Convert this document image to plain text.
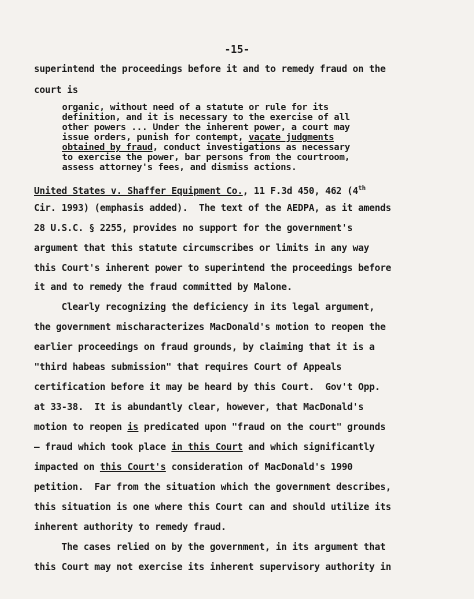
-15-
superintend the proceedings before it and to remedy fraud on the
court is
organic, without need of a statute or rule for its
definition, and it is necessary to the exercise of all
other powers ... Under the inherent power, a court may
issue orders, punish for contempt, vacate judgments
obtained by fraud, conduct investigations as necessary
to exercise the power, bar persons from the courtroom,
assess attorney's fees, and dismiss actions.
United States v. Shaffer Equipment Co., 11 F.3d 450, 462 (4th
Cir. 1993) (emphasis added).  The text of the AEDPA, as it amends
28 U.S.C. § 2255, provides no support for the government's
argument that this statute circumscribes or limits in any way
this Court's inherent power to superintend the proceedings before
it and to remedy the fraud committed by Malone.
Clearly recognizing the deficiency in its legal argument,
the government mischaracterizes MacDonald's motion to reopen the
earlier proceedings on fraud grounds, by claiming that it is a
"third habeas submission" that requires Court of Appeals
certification before it may be heard by this Court.  Gov't Opp.
at 33-38.  It is abundantly clear, however, that MacDonald's
motion to reopen is predicated upon "fraud on the court" grounds
— fraud which took place in this Court and which significantly
impacted on this Court's consideration of MacDonald's 1990
petition.  Far from the situation which the government describes,
this situation is one where this Court can and should utilize its
inherent authority to remedy fraud.
The cases relied on by the government, in its argument that
this Court may not exercise its inherent supervisory authority in
